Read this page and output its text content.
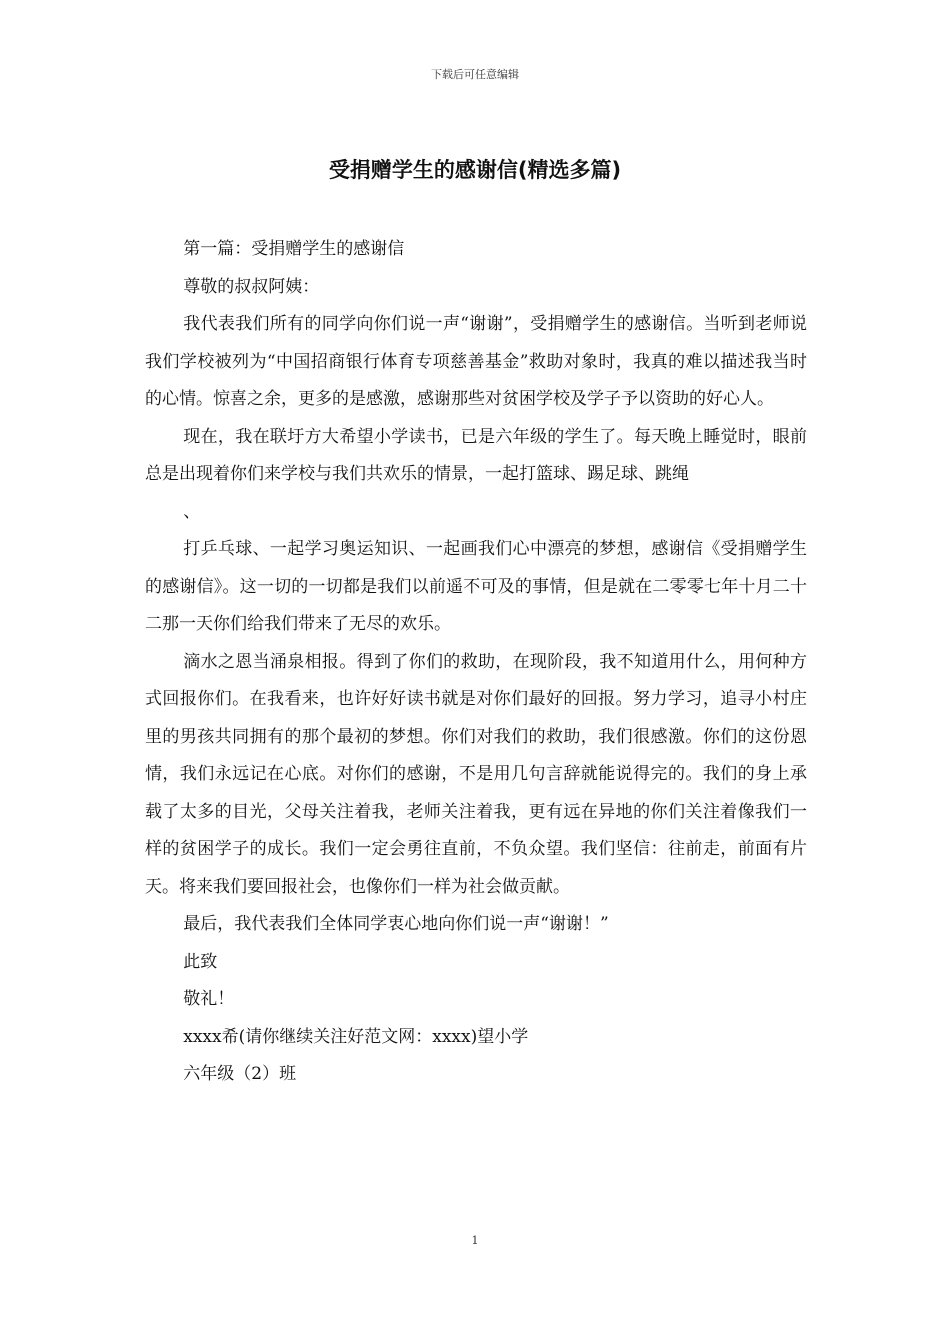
下载后可任意编辑
受捐赠学生的感谢信(精选多篇)

第一篇：受捐赠学生的感谢信

尊敬的叔叔阿姨：

我代表我们所有的同学向你们说一声“谢谢”，受捐赠学生的感谢信。当听到老师说我们学校被列为“中国招商银行体育专项慈善基金”救助对象时，我真的难以描述我当时的心情。惊喜之余，更多的是感激，感谢那些对贫困学校及学子予以资助的好心人。

现在，我在联圩方大希望小学读书，已是六年级的学生了。每天晚上睡觉时，眼前总是出现着你们来学校与我们共欢乐的情景，一起打篮球、踢足球、跳绳

、

打乒乓球、一起学习奥运知识、一起画我们心中漂亮的梦想，感谢信《受捐赠学生的感谢信》。这一切的一切都是我们以前遥不可及的事情，但是就在二零零七年十月二十二那一天你们给我们带来了无尽的欢乐。

滴水之恩当涌泉相报。得到了你们的救助，在现阶段，我不知道用什么，用何种方式回报你们。在我看来，也许好好读书就是对你们最好的回报。努力学习，追寻小村庄里的男孩共同拥有的那个最初的梦想。你们对我们的救助，我们很感激。你们的这份恩情，我们永远记在心底。对你们的感谢，不是用几句言辞就能说得完的。我们的身上承载了太多的目光，父母关注着我，老师关注着我，更有远在异地的你们关注着像我们一样的贫困学子的成长。我们一定会勇往直前，不负众望。我们坚信：往前走，前面有片天。将来我们要回报社会，也像你们一样为社会做贡献。

最后，我代表我们全体同学衷心地向你们说一声“谢谢！”

此致

敬礼！

xxxx希(请你继续关注好范文网：xxxx)望小学

六年级（2）班

1
